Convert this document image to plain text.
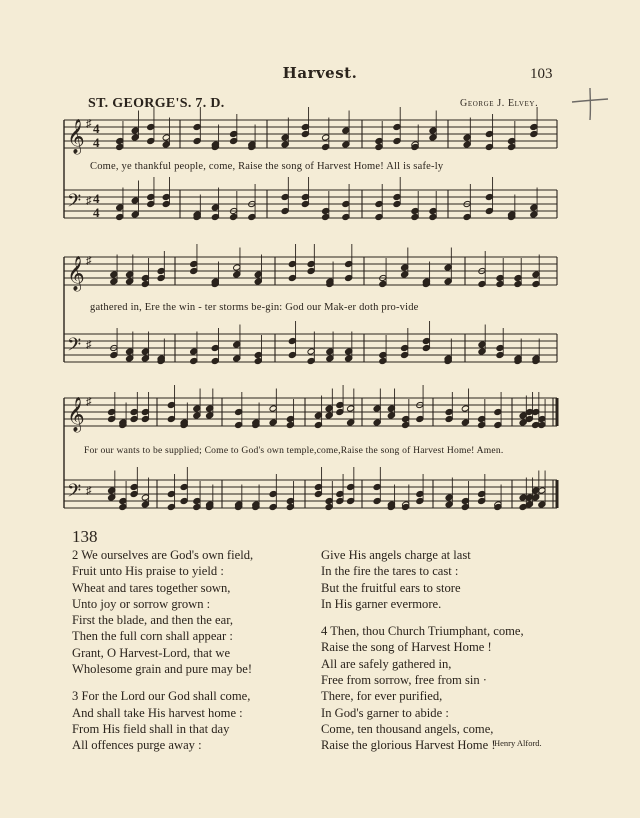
Harvest.	103
ST. GEORGE'S. 7. D.	George J. Elvey.
𝄞
𝄢
♯
♯
4
4
4
4
𝄞
𝄢
♯
♯
𝄞
𝄢
♯
♯
Come, ye thankful people, come, Raise the song of Harvest Home! All is safe-ly
gathered in, Ere the win - ter storms be-gin: God our Mak-er doth pro-vide
For our wants to be supplied; Come to God's own temple,come,Raise the song of Harvest Home! Amen.
138
2 We ourselves are God's own field,
Fruit unto His praise to yield :
Wheat and tares together sown,
Unto joy or sorrow grown :
First the blade, and then the ear,
Then the full corn shall appear :
Grant, O Harvest-Lord, that we
Wholesome grain and pure may be!
3 For the Lord our God shall come,
And shall take His harvest home :
From His field shall in that day
All offences purge away :
Give His angels charge at last
In the fire the tares to cast :
But the fruitful ears to store
In His garner evermore.
4 Then, thou Church Triumphant, come,
Raise the song of Harvest Home !
All are safely gathered in,
Free from sorrow, free from sin ·
There, for ever purified,
In God's garner to abide :
Come, ten thousand angels, come,
Raise the glorious Harvest Home !
Henry Alford.
